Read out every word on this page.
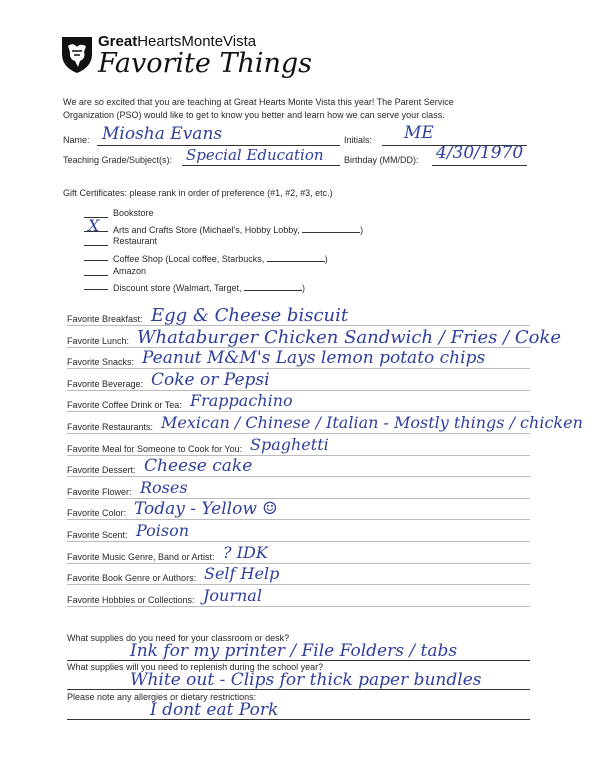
GreatHeartsMonteVista
Favorite Things
We are so excited that you are teaching at Great Hearts Monte Vista this year! The Parent Service
Organization (PSO) would like to get to know you better and learn how we can serve your class.
Name: Miosha Evans	Initials: ME
Teaching Grade/Subject(s): Special Education Birthday (MM/DD): 4/30/1970
Gift Certificates: please rank in order of preference (#1, #2, #3, etc.)
Bookstore
X Arts and Crafts Store (Michael's, Hobby Lobby,	)
Restaurant
Coffee Shop (Local coffee, Starbucks,	)
Amazon
Discount store (Walmart, Target,	)
Favorite Breakfast: Egg & Cheese biscuit
Favorite Lunch: Whataburger Chicken Sandwich / Fries / Coke
Favorite Snacks: Peanut M&M's Lays lemon potato chips
Favorite Beverage: Coke or Pepsi
Favorite Coffee Drink or Tea: Frappachino
Favorite Restaurants: Mexican / Chinese / Italian - Mostly things / chicken
Favorite Meal for Someone to Cook for You: Spaghetti
Favorite Dessert: Cheese cake
Favorite Flower: Roses
Favorite Color: Today - Yellow ☺
Favorite Scent: Poison
Favorite Music Genre, Band or Artist: ? IDK
Favorite Book Genre or Authors: Self Help
Favorite Hobbies or Collections: Journal
What supplies do you need for your classroom or desk?
Ink for my printer / File Folders / tabs
What supplies will you need to replenish during the school year?
White out - Clips for thick paper bundles
Please note any allergies or dietary restrictions:
I dont eat Pork
